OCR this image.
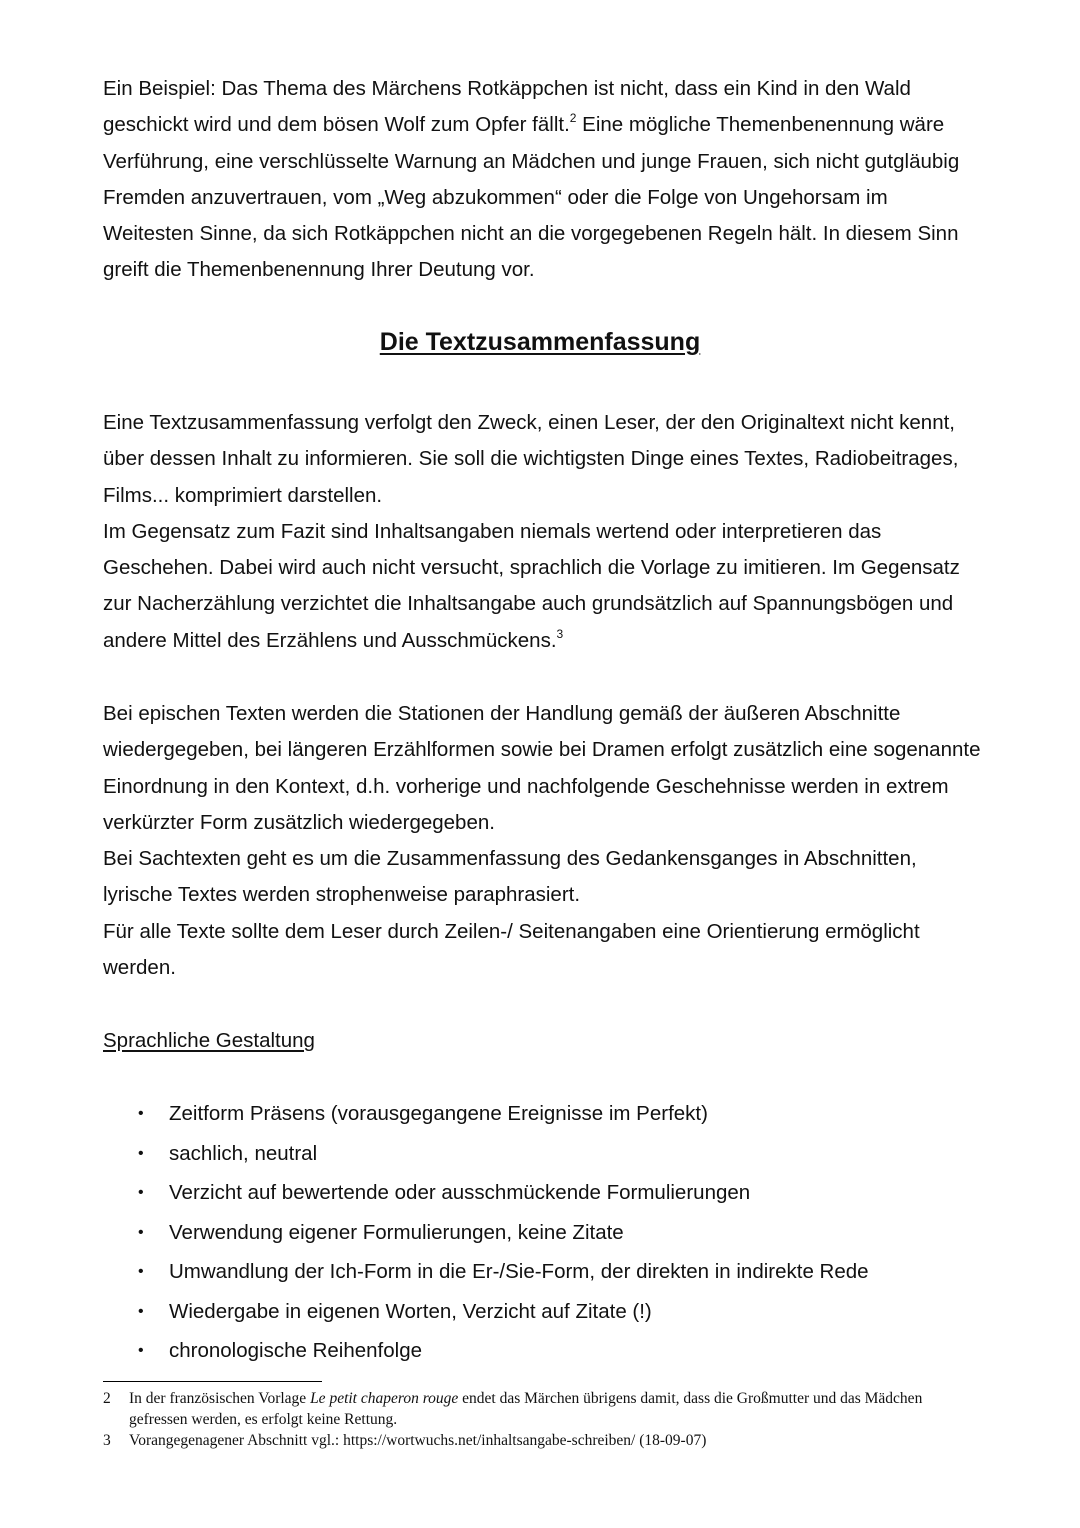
Ein Beispiel: Das Thema des Märchens Rotkäppchen ist nicht, dass ein Kind in den Wald geschickt wird und dem bösen Wolf zum Opfer fällt.$^2$ Eine mögliche Themenbenennung wäre Verführung, eine verschlüsselte Warnung an Mädchen und junge Frauen, sich nicht gutgläubig Fremden anzuvertrauen, vom „Weg abzukommen“ oder die Folge von Ungehorsam im Weitesten Sinne, da sich Rotkäppchen nicht an die vorgegebenen Regeln hält. In diesem Sinn greift die Themenbenennung Ihrer Deutung vor.

Die Textzusammenfassung

Eine Textzusammenfassung verfolgt den Zweck, einen Leser, der den Originaltext nicht kennt, über dessen Inhalt zu informieren. Sie soll die wichtigsten Dinge eines Textes, Radiobeitrages, Films... komprimiert darstellen.

Im Gegensatz zum Fazit sind Inhaltsangaben niemals wertend oder interpretieren das Geschehen. Dabei wird auch nicht versucht, sprachlich die Vorlage zu imitieren. Im Gegensatz zur Nacherzählung verzichtet die Inhaltsangabe auch grundsätzlich auf Spannungsbögen und andere Mittel des Erzählens und Ausschmückens.$^3$

Bei epischen Texten werden die Stationen der Handlung gemäß der äußeren Abschnitte wiedergegeben, bei längeren Erzählformen sowie bei Dramen erfolgt zusätzlich eine sogenannte Einordnung in den Kontext, d.h. vorherige und nachfolgende Geschehnisse werden in extrem verkürzter Form zusätzlich wiedergegeben.

Bei Sachtexten geht es um die Zusammenfassung des Gedankensganges in Abschnitten, lyrische Textes werden strophenweise paraphrasiert.

Für alle Texte sollte dem Leser durch Zeilen-/ Seitenangaben eine Orientierung ermöglicht werden.

Sprachliche Gestaltung
• Zeitform Präsens (vorausgegangene Ereignisse im Perfekt)
• sachlich, neutral
• Verzicht auf bewertende oder ausschmückende Formulierungen
• Verwendung eigener Formulierungen, keine Zitate
• Umwandlung der Ich-Form in die Er-/Sie-Form, der direkten in indirekte Rede
• Wiedergabe in eigenen Worten, Verzicht auf Zitate (!)
• chronologische Reihenfolge
2 In der französischen Vorlage Le petit chaperon rouge endet das Märchen übrigens damit, dass die Großmutter und das Mädchen gefressen werden, es erfolgt keine Rettung.
3 Vorangegenagener Abschnitt vgl.: https://wortwuchs.net/inhaltsangabe-schreiben/ (18-09-07)
